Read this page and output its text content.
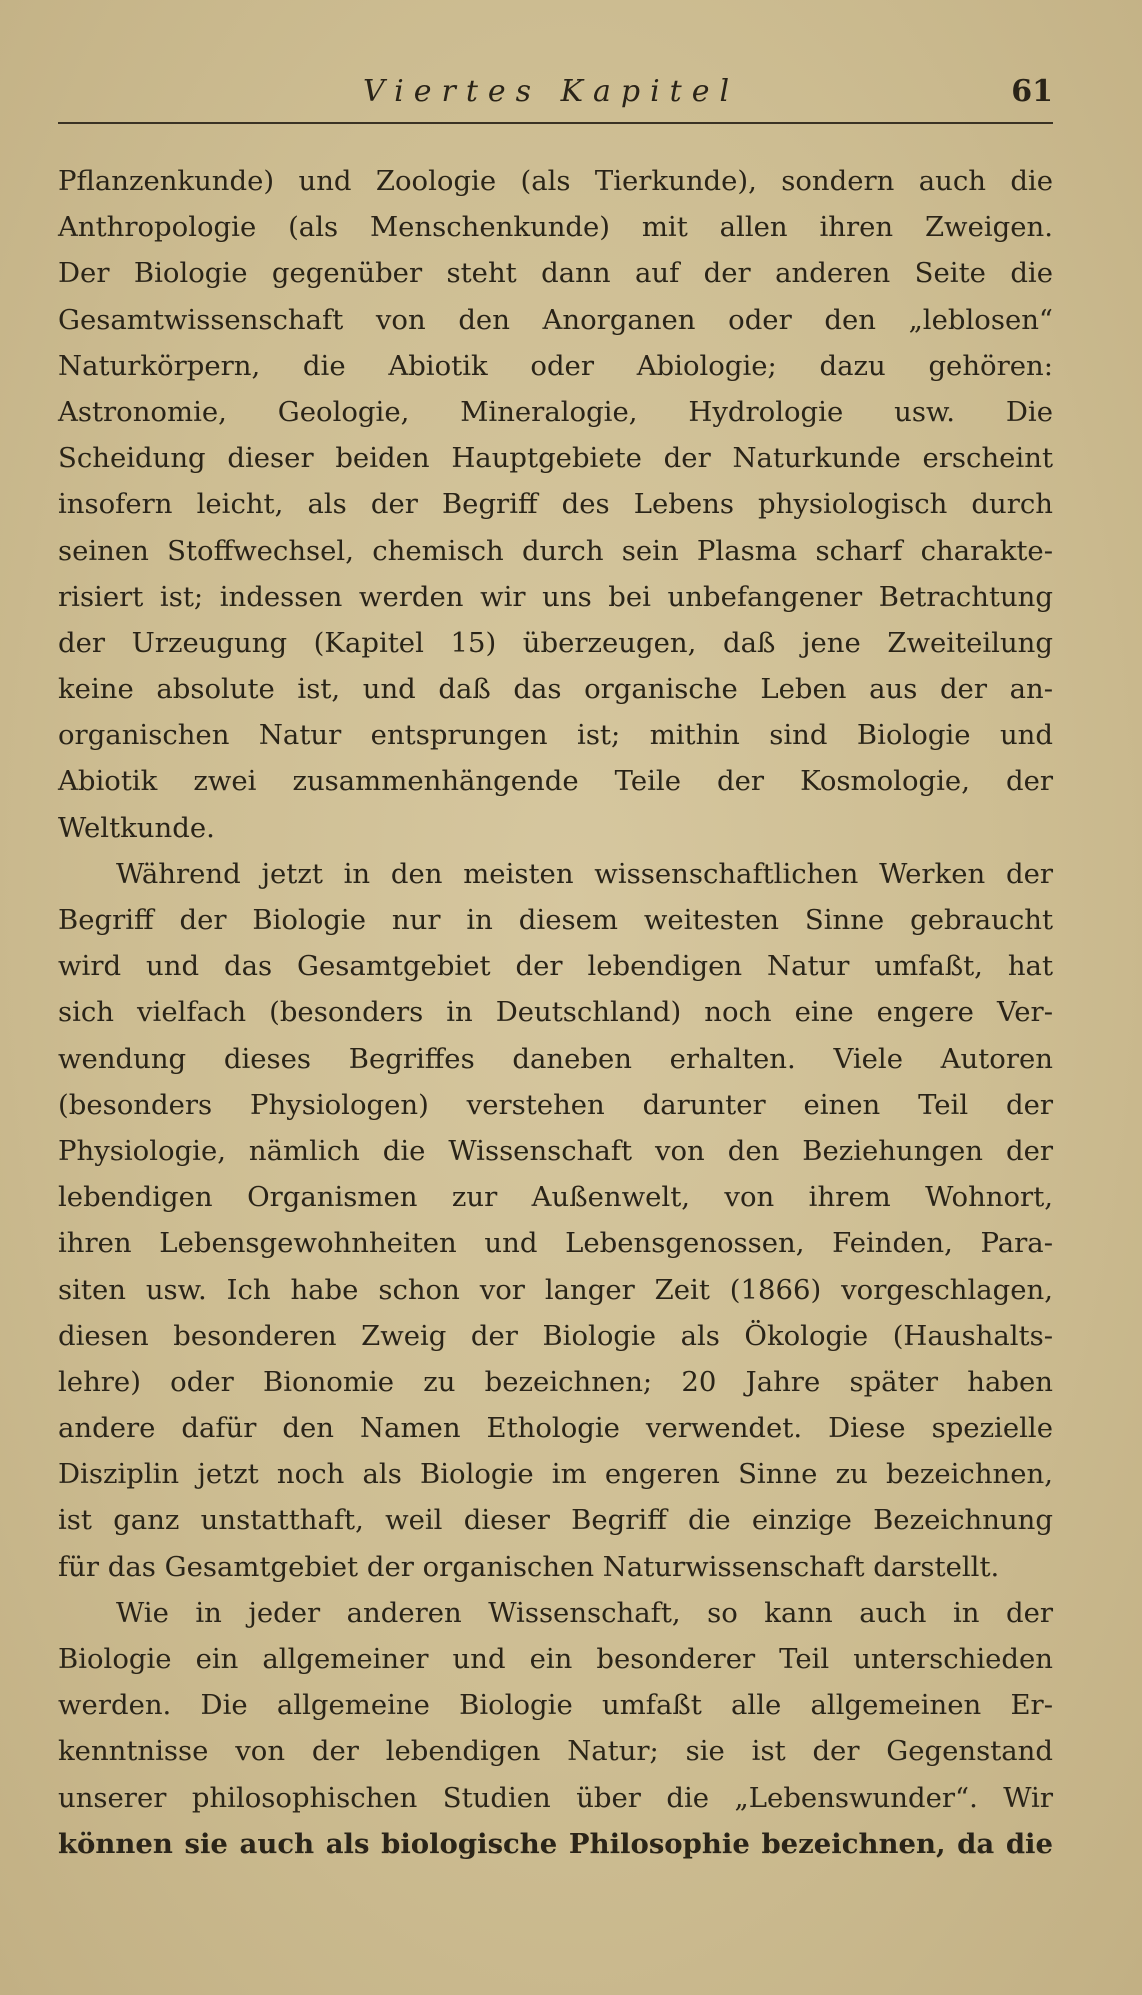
Viertes Kapitel	61
Pflanzenkunde) und Zoologie (als Tierkunde), sondern auch die
Anthropologie (als Menschenkunde) mit allen ihren Zweigen.
Der Biologie gegenüber steht dann auf der anderen Seite die
Gesamtwissenschaft von den Anorganen oder den „leblosen“
Naturkörpern, die Abiotik oder Abiologie; dazu gehören:
Astronomie, Geologie, Mineralogie, Hydrologie usw. Die
Scheidung dieser beiden Hauptgebiete der Naturkunde erscheint
insofern leicht, als der Begriff des Lebens physiologisch durch
seinen Stoffwechsel, chemisch durch sein Plasma scharf charakte-
risiert ist; indessen werden wir uns bei unbefangener Betrachtung
der Urzeugung (Kapitel 15) überzeugen, daß jene Zweiteilung
keine absolute ist, und daß das organische Leben aus der an-
organischen Natur entsprungen ist; mithin sind Biologie und
Abiotik zwei zusammenhängende Teile der Kosmologie, der
Weltkunde.
Während jetzt in den meisten wissenschaftlichen Werken der
Begriff der Biologie nur in diesem weitesten Sinne gebraucht
wird und das Gesamtgebiet der lebendigen Natur umfaßt, hat
sich vielfach (besonders in Deutschland) noch eine engere Ver-
wendung dieses Begriffes daneben erhalten. Viele Autoren
(besonders Physiologen) verstehen darunter einen Teil der
Physiologie, nämlich die Wissenschaft von den Beziehungen der
lebendigen Organismen zur Außenwelt, von ihrem Wohnort,
ihren Lebensgewohnheiten und Lebensgenossen, Feinden, Para-
siten usw. Ich habe schon vor langer Zeit (1866) vorgeschlagen,
diesen besonderen Zweig der Biologie als Ökologie (Haushalts-
lehre) oder Bionomie zu bezeichnen; 20 Jahre später haben
andere dafür den Namen Ethologie verwendet. Diese spezielle
Disziplin jetzt noch als Biologie im engeren Sinne zu bezeichnen,
ist ganz unstatthaft, weil dieser Begriff die einzige Bezeichnung
für das Gesamtgebiet der organischen Naturwissenschaft darstellt.
Wie in jeder anderen Wissenschaft, so kann auch in der
Biologie ein allgemeiner und ein besonderer Teil unterschieden
werden. Die allgemeine Biologie umfaßt alle allgemeinen Er-
kenntnisse von der lebendigen Natur; sie ist der Gegenstand
unserer philosophischen Studien über die „Lebenswunder“. Wir
können sie auch als biologische Philosophie bezeichnen, da die
